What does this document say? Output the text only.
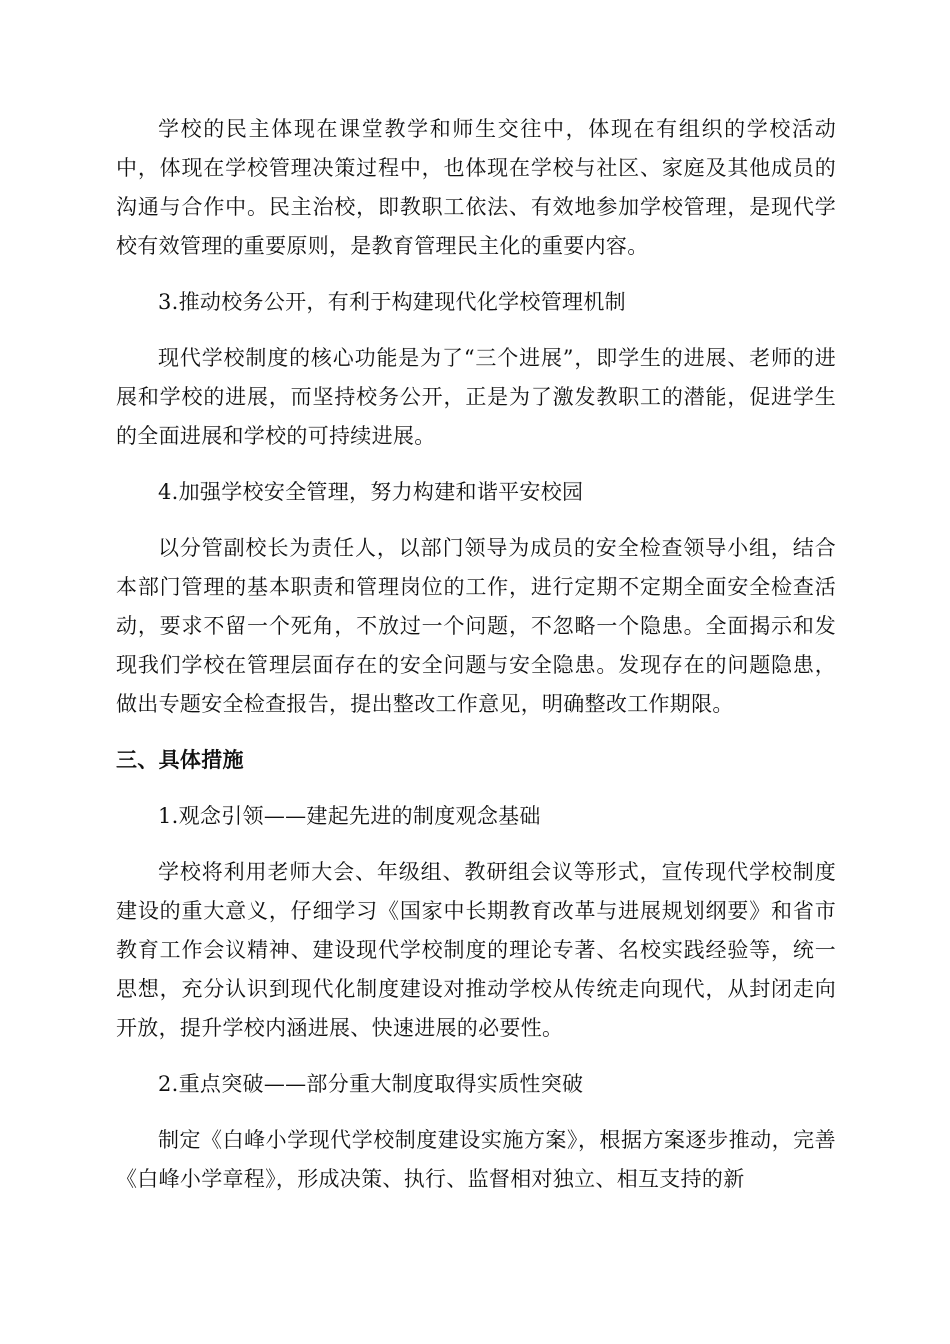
学校的民主体现在课堂教学和师生交往中，体现在有组织的学校活动中，体现在学校管理决策过程中，也体现在学校与社区、家庭及其他成员的沟通与合作中。民主治校，即教职工依法、有效地参加学校管理，是现代学校有效管理的重要原则，是教育管理民主化的重要内容。

3.推动校务公开，有利于构建现代化学校管理机制

现代学校制度的核心功能是为了“三个进展”，即学生的进展、老师的进展和学校的进展，而坚持校务公开，正是为了激发教职工的潜能，促进学生的全面进展和学校的可持续进展。

4.加强学校安全管理，努力构建和谐平安校园

以分管副校长为责任人，以部门领导为成员的安全检查领导小组，结合本部门管理的基本职责和管理岗位的工作，进行定期不定期全面安全检查活动，要求不留一个死角，不放过一个问题，不忽略一个隐患。全面揭示和发现我们学校在管理层面存在的安全问题与安全隐患。发现存在的问题隐患，做出专题安全检查报告，提出整改工作意见，明确整改工作期限。

三、具体措施

1.观念引领——建起先进的制度观念基础

学校将利用老师大会、年级组、教研组会议等形式，宣传现代学校制度建设的重大意义，仔细学习《国家中长期教育改革与进展规划纲要》和省市教育工作会议精神、建设现代学校制度的理论专著、名校实践经验等，统一思想，充分认识到现代化制度建设对推动学校从传统走向现代，从封闭走向开放，提升学校内涵进展、快速进展的必要性。

2.重点突破——部分重大制度取得实质性突破

制定《白峰小学现代学校制度建设实施方案》，根据方案逐步推动，完善《白峰小学章程》，形成决策、执行、监督相对独立、相互支持的新
